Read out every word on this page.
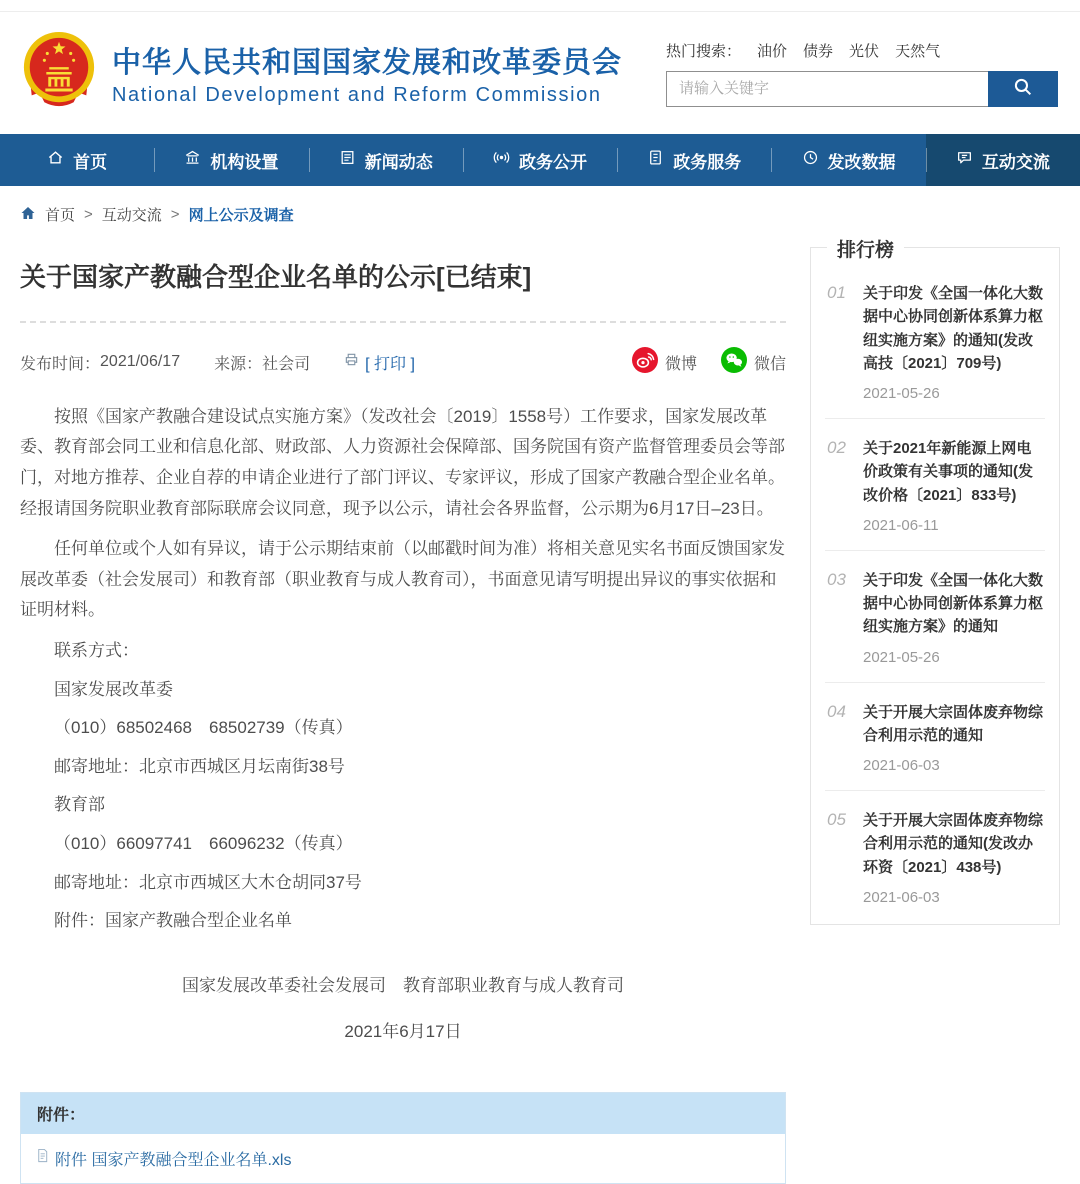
中华人民共和国国家发展和改革委员会
National Development and Reform Commission
热门搜索： 油价 债券 光伏 天然气
请输入关键字
首页	机构设置	新闻动态	政务公开	政务服务	发改数据	互动交流
首页 > 互动交流 > 网上公示及调查
关于国家产教融合型企业名单的公示[已结束]
发布时间： 2021/06/17 来源： 社会司	[ 打印 ]	微博	微信

按照《国家产教融合建设试点实施方案》（发改社会〔2019〕1558号）工作要求，国家发展改革委、教育部会同工业和信息化部、财政部、人力资源社会保障部、国务院国有资产监督管理委员会等部门，对地方推荐、企业自荐的申请企业进行了部门评议、专家评议，形成了国家产教融合型企业名单。经报请国务院职业教育部际联席会议同意，现予以公示，请社会各界监督，公示期为6月17日–23日。

任何单位或个人如有异议，请于公示期结束前（以邮戳时间为准）将相关意见实名书面反馈国家发展改革委（社会发展司）和教育部（职业教育与成人教育司），书面意见请写明提出异议的事实依据和证明材料。

联系方式：

国家发展改革委

（010）68502468　68502739（传真）

邮寄地址：北京市西城区月坛南街38号

教育部

（010）66097741　66096232（传真）

邮寄地址：北京市西城区大木仓胡同37号

附件：国家产教融合型企业名单

国家发展改革委社会发展司　教育部职业教育与成人教育司

2021年6月17日

附件：
附件 国家产教融合型企业名单.xls
排行榜
01	关于印发《全国一体化大数据中心协同创新体系算力枢纽实施方案》的通知(发改高技〔2021〕709号)
2021-05-26
02	关于2021年新能源上网电价政策有关事项的通知(发改价格〔2021〕833号)
2021-06-11
03	关于印发《全国一体化大数据中心协同创新体系算力枢纽实施方案》的通知
2021-05-26
04	关于开展大宗固体废弃物综合利用示范的通知
2021-06-03
05	关于开展大宗固体废弃物综合利用示范的通知(发改办环资〔2021〕438号)
2021-06-03
